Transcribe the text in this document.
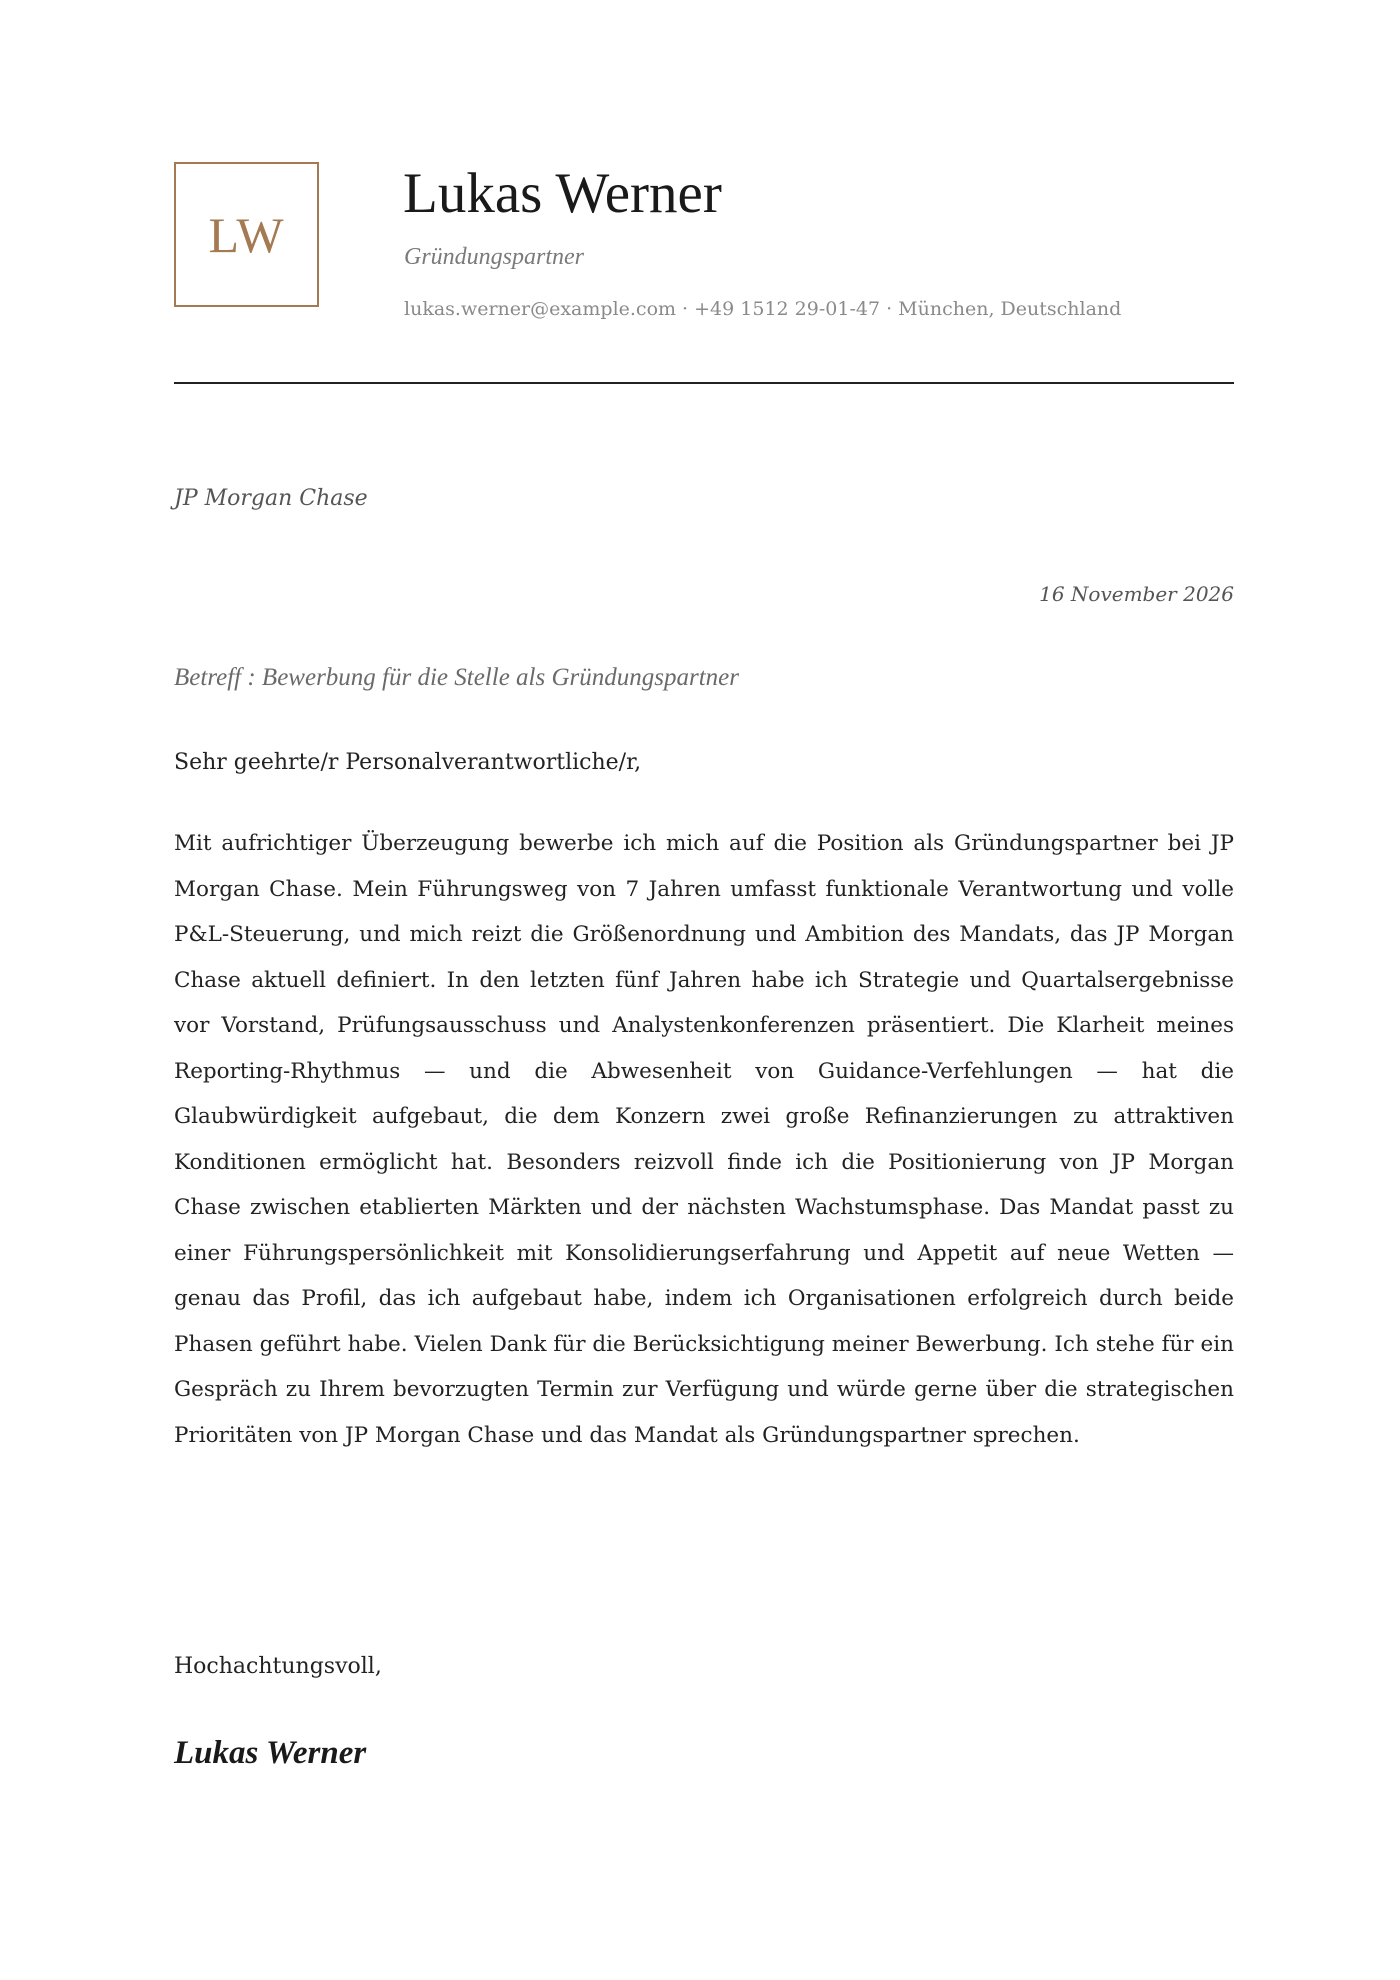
LW
Lukas Werner
Gründungspartner
lukas.werner@example.com · +49 1512 29-01-47 · München, Deutschland
JP Morgan Chase
16 November 2026
Betreff : Bewerbung für die Stelle als Gründungspartner
Sehr geehrte/r Personalverantwortliche/r,

Mit aufrichtiger Überzeugung bewerbe ich mich auf die Position als Gründungspartner bei JP Morgan Chase. Mein Führungsweg von 7 Jahren umfasst funktionale Verantwortung und volle P&L-Steuerung, und mich reizt die Größenordnung und Ambition des Mandats, das JP Morgan Chase aktuell definiert. In den letzten fünf Jahren habe ich Strategie und Quartalsergebnisse vor Vorstand, Prüfungsausschuss und Analystenkonferenzen präsentiert. Die Klarheit meines Reporting-Rhythmus — und die Abwesenheit von Guidance-Verfehlungen — hat die Glaubwürdigkeit aufgebaut, die dem Konzern zwei große Refinanzierungen zu attraktiven Konditionen ermöglicht hat. Besonders reizvoll finde ich die Positionierung von JP Morgan Chase zwischen etablierten Märkten und der nächsten Wachstumsphase. Das Mandat passt zu einer Führungspersönlichkeit mit Konsolidierungserfahrung und Appetit auf neue Wetten — genau das Profil, das ich aufgebaut habe, indem ich Organisationen erfolgreich durch beide Phasen geführt habe. Vielen Dank für die Berücksichtigung meiner Bewerbung. Ich stehe für ein Gespräch zu Ihrem bevorzugten Termin zur Verfügung und würde gerne über die strategischen Prioritäten von JP Morgan Chase und das Mandat als Gründungspartner sprechen.

Hochachtungsvoll,
Lukas Werner
